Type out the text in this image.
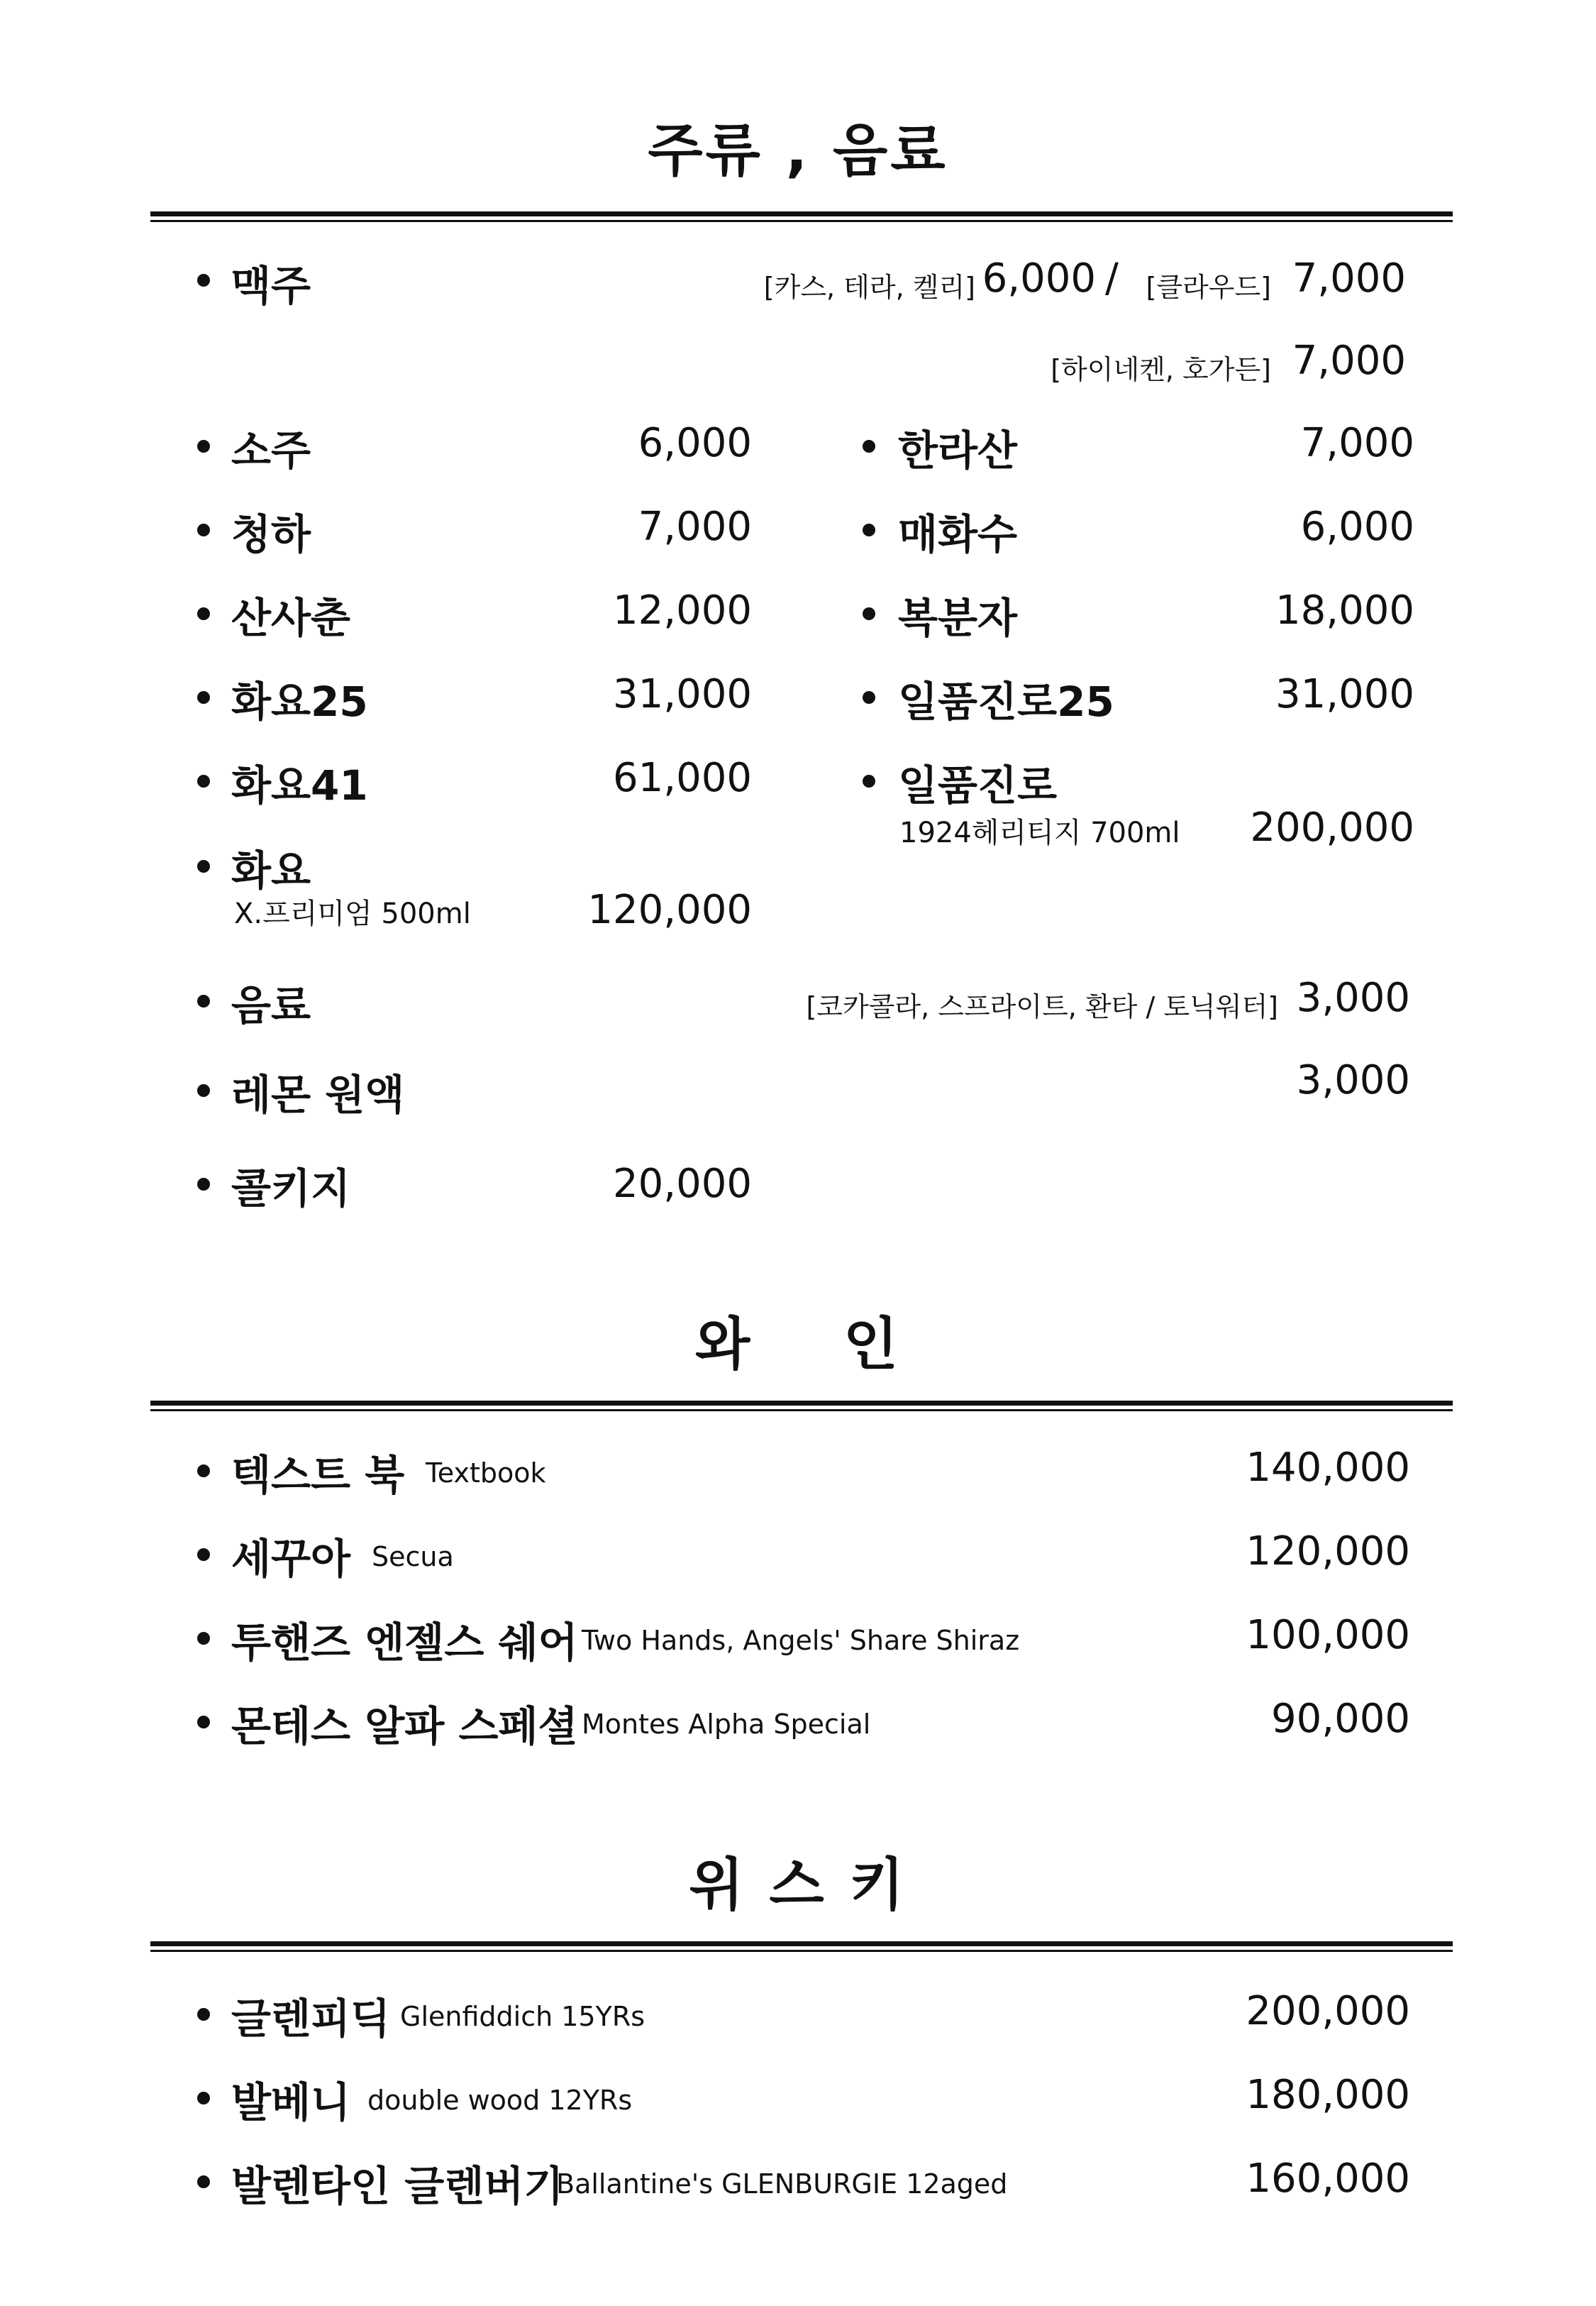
주류 , 음료
맥주	[카스, 테라, 켈리] 6,000 / [클라우드] 7,000
[하이네켄, 호가든] 7,000
소주	6,000
청하	7,000
산사춘	12,000
화요25	31,000
화요41	61,000
화요
X.프리미엄 500ml	120,000
한라산	7,000
매화수	6,000
복분자	18,000
일품진로25	31,000
일품진로
1924헤리티지 700ml 200,000
음료	[코카콜라, 스프라이트, 환타 / 토닉워터] 3,000
레몬 원액	3,000
콜키지	20,000
와    인
텍스트 북 Textbook	140,000
세꾸아 Secua	120,000
투핸즈 엔젤스 쉐어 Two Hands, Angels' Share Shiraz	100,000
몬테스 알파 스페셜 Montes Alpha Special	90,000
위 스 키
글렌피딕 Glenfiddich 15YRs	200,000
발베니 double wood 12YRs	180,000
발렌타인 글렌버기
Ballantine's GLENBURGIE 12aged	160,000
